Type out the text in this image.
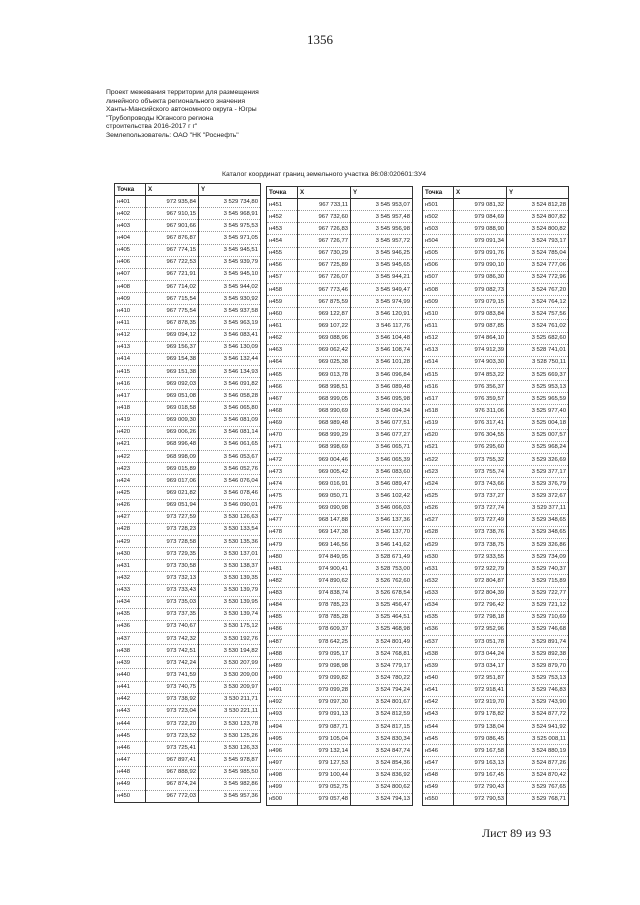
1356
Проект межевания территории для размещения
линейного объекта регионального значения
Ханты-Мансийского автономного округа - Югры
"Трубопроводы Югансого региона
строительства 2016-2017 г г"
Землепользователь: ОАО "НК "Роснефть"
Каталог координат границ земельного участка 86:08:020601:ЗУ4
Точка	X	Y
н401	972 935,84	3 529 734,80
н402	967 910,15	3 545 968,91
н403	967 901,66	3 545 975,53
н404	967 876,87	3 545 971,05
н405	967 774,15	3 545 945,51
н406	967 722,53	3 545 939,79
н407	967 721,91	3 545 945,10
н408	967 714,02	3 545 944,02
н409	967 715,54	3 545 930,92
н410	967 775,54	3 545 937,58
н411	967 878,35	3 545 963,19
н412	969 094,12	3 546 083,41
н413	969 156,37	3 546 130,09
н414	969 154,38	3 546 132,44
н415	969 151,38	3 546 134,93
н416	969 092,03	3 546 091,82
н417	969 051,08	3 546 058,28
н418	969 018,58	3 546 065,80
н419	969 009,30	3 546 081,09
н420	969 006,26	3 546 081,14
н421	968 996,48	3 546 061,65
н422	968 998,09	3 546 053,67
н423	969 015,89	3 546 052,76
н424	969 017,06	3 546 076,04
н425	969 021,82	3 546 078,46
н426	969 051,94	3 546 090,01
н427	973 727,59	3 530 126,63
н428	973 728,23	3 530 133,54
н429	973 728,58	3 530 135,36
н430	973 729,35	3 530 137,01
н431	973 730,58	3 530 138,37
н432	973 732,13	3 530 139,35
н433	973 733,43	3 530 139,79
н434	973 735,03	3 530 139,95
н435	973 737,35	3 530 139,74
н436	973 740,67	3 530 175,12
н437	973 742,32	3 530 192,76
н438	973 742,51	3 530 194,82
н439	973 742,24	3 530 207,99
н440	973 741,59	3 530 209,00
н441	973 740,75	3 530 209,97
н442	973 738,92	3 530 211,71
н443	973 723,04	3 530 221,11
н444	973 722,20	3 530 123,78
н445	973 723,52	3 530 125,26
н446	973 725,41	3 530 126,33
н447	967 897,41	3 545 978,87
н448	967 888,92	3 545 985,50
н449	967 874,24	3 545 982,86
н450	967 772,03	3 545 957,36
Точка	X	Y
н451	967 733,11	3 545 953,07
н452	967 732,60	3 545 957,48
н453	967 726,83	3 545 956,98
н454	967 726,77	3 545 957,72
н455	967 730,29	3 545 946,25
н456	967 725,89	3 545 945,65
н457	967 726,07	3 545 944,21
н458	967 773,46	3 545 949,47
н459	967 875,59	3 545 974,99
н460	969 122,87	3 546 120,91
н461	969 107,22	3 546 117,76
н462	969 088,96	3 546 104,48
н463	969 062,42	3 546 108,74
н464	969 025,38	3 546 101,28
н465	969 013,78	3 546 096,84
н466	968 998,51	3 546 089,48
н467	968 999,05	3 546 095,98
н468	968 990,69	3 546 094,34
н469	968 989,48	3 546 077,51
н470	968 999,29	3 546 077,27
н471	968 998,69	3 546 065,71
н472	969 004,46	3 546 065,39
н473	969 005,42	3 546 083,60
н474	969 016,91	3 546 089,47
н475	969 050,71	3 546 102,42
н476	969 090,98	3 546 066,03
н477	968 147,88	3 546 137,36
н478	969 147,38	3 546 137,70
н479	969 146,56	3 546 141,62
н480	974 849,95	3 528 671,49
н481	974 900,41	3 528 753,00
н482	974 890,62	3 526 762,60
н483	974 838,74	3 526 678,54
н484	978 785,23	3 525 456,47
н485	978 785,28	3 525 464,51
н486	978 609,37	3 525 468,98
н487	978 642,25	3 524 801,49
н488	979 095,17	3 524 768,81
н489	979 098,98	3 524 779,17
н490	979 099,82	3 524 780,22
н491	979 099,28	3 524 794,24
н492	979 097,30	3 524 801,67
н493	979 091,13	3 524 812,59
н494	979 087,71	3 524 817,15
н495	979 105,04	3 524 830,34
н496	979 132,14	3 524 847,74
н497	979 127,53	3 524 854,36
н498	979 100,44	3 524 836,92
н499	979 052,75	3 524 800,62
н500	979 057,48	3 524 794,13
Точка	X	Y
н501	979 081,32	3 524 812,28
н502	979 084,69	3 524 807,82
н503	979 088,90	3 524 800,82
н504	979 091,34	3 524 793,17
н505	979 091,76	3 524 785,04
н506	979 090,10	3 524 777,06
н507	979 086,30	3 524 772,96
н508	979 082,73	3 524 767,20
н509	979 079,15	3 524 764,12
н510	979 083,84	3 524 757,56
н511	979 087,85	3 524 761,02
н512	974 864,10	3 525 682,60
н513	974 912,39	3 528 741,01
н514	974 903,30	3 528 750,11
н515	974 853,22	3 525 669,37
н516	976 356,37	3 525 953,13
н517	976 359,57	3 525 965,59
н518	976 311,06	3 525 977,40
н519	976 317,41	3 525 004,18
н520	976 304,55	3 525 007,57
н521	976 295,60	3 525 968,24
н522	973 755,32	3 529 326,69
н523	973 755,74	3 529 377,17
н524	973 743,66	3 529 376,79
н525	973 737,27	3 529 372,67
н526	973 727,74	3 529 377,11
н527	973 727,49	3 529 348,65
н528	973 738,76	3 529 348,65
н529	973 738,75	3 529 326,86
н530	972 933,55	3 529 734,09
н531	972 922,79	3 529 740,37
н532	972 804,87	3 529 715,89
н533	972 804,39	3 529 722,77
н534	972 796,42	3 529 721,12
н535	972 798,18	3 529 710,69
н536	972 952,96	3 529 746,68
н537	973 051,78	3 529 891,74
н538	973 044,24	3 529 892,38
н539	973 034,17	3 529 879,70
н540	972 951,87	3 529 753,13
н541	972 918,41	3 529 746,83
н542	972 919,70	3 529 743,90
н543	979 178,82	3 524 877,72
н544	979 138,04	3 524 941,92
н545	979 086,45	3 525 008,11
н546	979 167,58	3 524 880,19
н547	979 163,13	3 524 877,26
н548	979 167,45	3 524 870,42
н549	972 790,43	3 529 767,65
н550	972 790,53	3 529 768,71
Лист 89 из 93
